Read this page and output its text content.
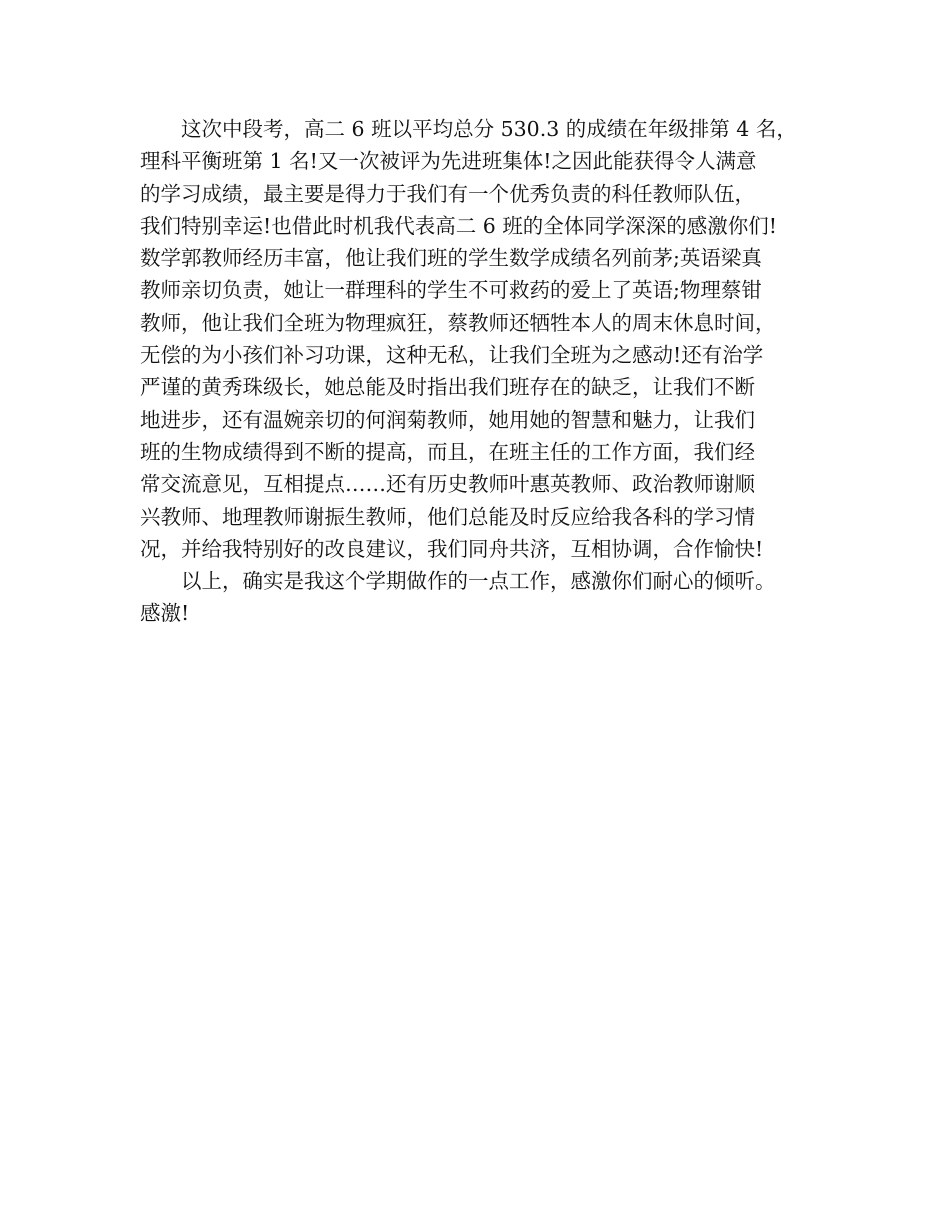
这次中段考，高二 6 班以平均总分 530.3 的成绩在年级排第 4 名，
理科平衡班第 1 名!又一次被评为先进班集体!之因此能获得令人满意
的学习成绩，最主要是得力于我们有一个优秀负责的科任教师队伍，
我们特别幸运!也借此时机我代表高二 6 班的全体同学深深的感激你们!
数学郭教师经历丰富，他让我们班的学生数学成绩名列前茅;英语梁真
教师亲切负责，她让一群理科的学生不可救药的爱上了英语;物理蔡钳
教师，他让我们全班为物理疯狂，蔡教师还牺牲本人的周末休息时间，
无偿的为小孩们补习功课，这种无私，让我们全班为之感动!还有治学
严谨的黄秀珠级长，她总能及时指出我们班存在的缺乏，让我们不断
地进步，还有温婉亲切的何润菊教师，她用她的智慧和魅力，让我们
班的生物成绩得到不断的提高，而且，在班主任的工作方面，我们经
常交流意见，互相提点……还有历史教师叶惠英教师、政治教师谢顺
兴教师、地理教师谢振生教师，他们总能及时反应给我各科的学习情
况，并给我特别好的改良建议，我们同舟共济，互相协调，合作愉快!
以上，确实是我这个学期做作的一点工作，感激你们耐心的倾听。
感激!
